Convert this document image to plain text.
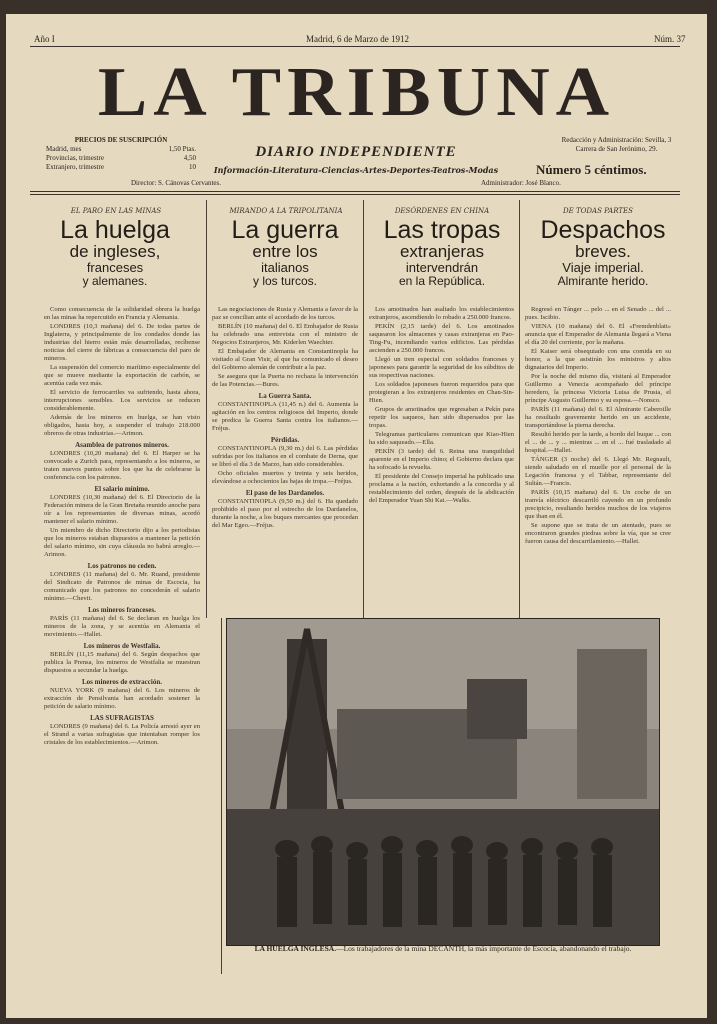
Año I	Madrid, 6 de Marzo de 1912	Núm. 37
LA TRIBUNA
PRECIOS DE SUSCRIPCIÓN
Madrid, mes	1,50 Ptas.
Provincias, trimestre	4,50
Extranjero, trimestre	10
DIARIO INDEPENDIENTE
Información-Literatura-Ciencias-Artes-Deportes-Teatros-Modas
Redacción y Administración: Sevilla, 3
Carrera de San Jerónimo, 29.
Número 5 céntimos.
Director: S. Cánovas Cervantes.	Administrador: José Blanco.
EL PARO EN LAS MINAS	MIRANDO A LA TRIPOLITANIA	DESÓRDENES EN CHINA	DE TODAS PARTES
La huelga
de ingleses,
franceses
y alemanes.
La guerra
entre los
italianos
y los turcos.
Las tropas
extranjeras
intervendrán
en la República.
Despachos
breves.
Viaje imperial.
Almirante herido.

Como consecuencia de la solidaridad obrera la huelga en las minas ha repercutido en Francia y Alemania.

LONDRES (10,3 mañana) del 6. De todas partes de Inglaterra, y principalmente de los condados donde las industrias del hierro están más desarrolladas, recíbense noticias del cierre de fábricas a consecuencia del paro de mineros.

La suspensión del comercio marítimo especialmente del que se mueve mediante la exportación de carbón, se acentúa cada vez más.

El servicio de ferrocarriles va sufriendo, hasta ahora, interrupciones sensibles. Los servicios se reducen considerablemente.

Además de los mineros en huelga, se han visto obligados, hasta hoy, a suspender el trabajo 218.000 obreros de otras industrias.—Arimon.

Asamblea de patronos mineros.

LONDRES (10,20 mañana) del 6. El Harper se ha convocado a Zurich para, representando a los mineros, se traten nuevos puntos sobre los que ha de celebrarse la conferencia con los patronos.

El salario mínimo.

LONDRES (10,30 mañana) del 6. El Directorio de la Federación minera de la Gran Bretaña reunido anoche para oír a los representantes de diversas minas, acordó mantener el salario mínimo.

Un miembro de dicho Directorio dijo a los periodistas que los mineros estaban dispuestos a mantener la petición del salario mínimo, sin cuya cláusula no habrá arreglo.—Arimon.

Los patronos no ceden.

LONDRES (11 mañana) del 6. Mr. Ruand, presidente del Sindicato de Patronos de minas de Escocia, ha comunicado que los patronos no concederán el salario mínimo.—Chevit.

Los mineros franceses.

PARÍS (11 mañana) del 6. Se declaran en huelga los mineros de la zona, y se acentúa en Alemania el movimiento.—Hallet.

Los mineros de Westfalia.

BERLÍN (11,15 mañana) del 6. Según despachos que publica la Prensa, los mineros de Westfalia se muestran dispuestos a secundar la huelga.

Los mineros de extracción.

NUEVA YORK (9 mañana) del 6. Los mineros de extracción de Pensilvania han acordado sostener la petición de salario mínimo.

LAS SUFRAGISTAS

LONDRES (9 mañana) del 6. La Policía arrestó ayer en el Strand a varias sufragistas que intentaban romper los cristales de los establecimientos.—Arimon.

Las negociaciones de Rusia y Alemania a favor de la paz se concilian ante el acordado de los turcos.

BERLÍN (10 mañana) del 6. El Embajador de Rusia ha celebrado una entrevista con el ministro de Negocios Extranjeros, Mr. Kiderlen Waechter.

El Embajador de Alemania en Constantinopla ha visitado al Gran Visir, al que ha comunicado el deseo del Gobierno alemán de contribuir a la paz.

Se asegura que la Puerta no rechaza la intervención de las Potencias.—Bures.

La Guerra Santa.

CONSTANTINOPLA (11,45 n.) del 6. Aumenta la agitación en los centros religiosos del Imperio, donde se predica la Guerra Santa contra los italianos.—Fréjus.

Pérdidas.

CONSTANTINOPLA (9,30 m.) del 6. Las pérdidas sufridas por los italianos en el combate de Derna, que se libró el día 3 de Marzo, han sido considerables.

Ocho oficiales muertos y treinta y seis heridos, elevándose a ochocientos las bajas de tropa.—Fréjus.

El paso de los Dardanelos.

CONSTANTINOPLA (9,50 m.) del 6. Ha quedado prohibido el paso por el estrecho de los Dardanelos, durante la noche, a los buques mercantes que procedan del Mar Egeo.—Fréjus.

Los amotinados han asaltado los establecimientos extranjeros, ascendiendo lo robado a 250.000 francos.

PEKÍN (2,15 tarde) del 6. Los amotinados saquearon los almacenes y casas extranjeras en Pao-Ting-Fu, incendiando varios edificios. Las pérdidas ascienden a 250.000 francos.

Llegó un tren especial con soldados franceses y japoneses para garantir la seguridad de los súbditos de sus respectivas naciones.

Los soldados japoneses fueron requeridos para que protegieran a los extranjeros residentes en Chan-Sin-Hien.

Grupos de amotinados que regresaban a Pekín para repetir los saqueos, han sido dispersados por las tropas.

Telegramas particulares comunican que Kiao-Hien ha sido saqueado.—Ella.

PEKÍN (3 tarde) del 6. Reina una tranquilidad aparente en el Imperio chino; el Gobierno declara que ha sofocado la revuelta.

El presidente del Consejo imperial ha publicado una proclama a la nación, exhortando a la concordia y al restablecimiento del orden, después de la abdicación del Emperador Yuan Shi Kai.—Walks.

Regresó en Tánger ... pelo ... en el Senado ... del ... pues. Iscibio.

VIENA (10 mañana) del 6. El «Fremdenblatt» anuncia que el Emperador de Alemania llegará a Viena el día 20 del corriente, por la mañana.

El Kaiser será obsequiado con una comida en su honor, a la que asistirán los ministros y altos dignatarios del Imperio.

Por la noche del mismo día, visitará al Emperador Guillermo a Venecia acompañado del príncipe heredero, la princesa Victoria Luisa de Prusia, el príncipe Augusto Guillermo y su esposa.—Nonsco.

PARÍS (11 mañana) del 6. El Almirante Caberoille ha resultado gravemente herido en un accidente, transportándose la pierna derecha.

Resultó herido por la tarde, a bordo del buque ... con el ... de ... y ... mientras ... en el ... fué trasladado al hospital.—Hallet.

TÁNGER (3 noche) del 6. Llegó Mr. Regnault, siendo saludado en el muelle por el personal de la Legación francesa y el Tabbar, representante del Sultán.—Francis.

PARÍS (10,15 mañana) del 6. Un coche de un tranvía eléctrico descarriló cayendo en un profundo precipicio, resultando heridos muchos de los viajeros que iban en él.

Se supone que se trata de un atentado, pues se encontraron grandes piedras sobre la vía, que se cree fueron causa del descarrilamiento.—Hallet.

LA HUELGA INGLESA.—Los trabajadores de la mina DECANTH, la más importante de Escocia, abandonando el trabajo.
